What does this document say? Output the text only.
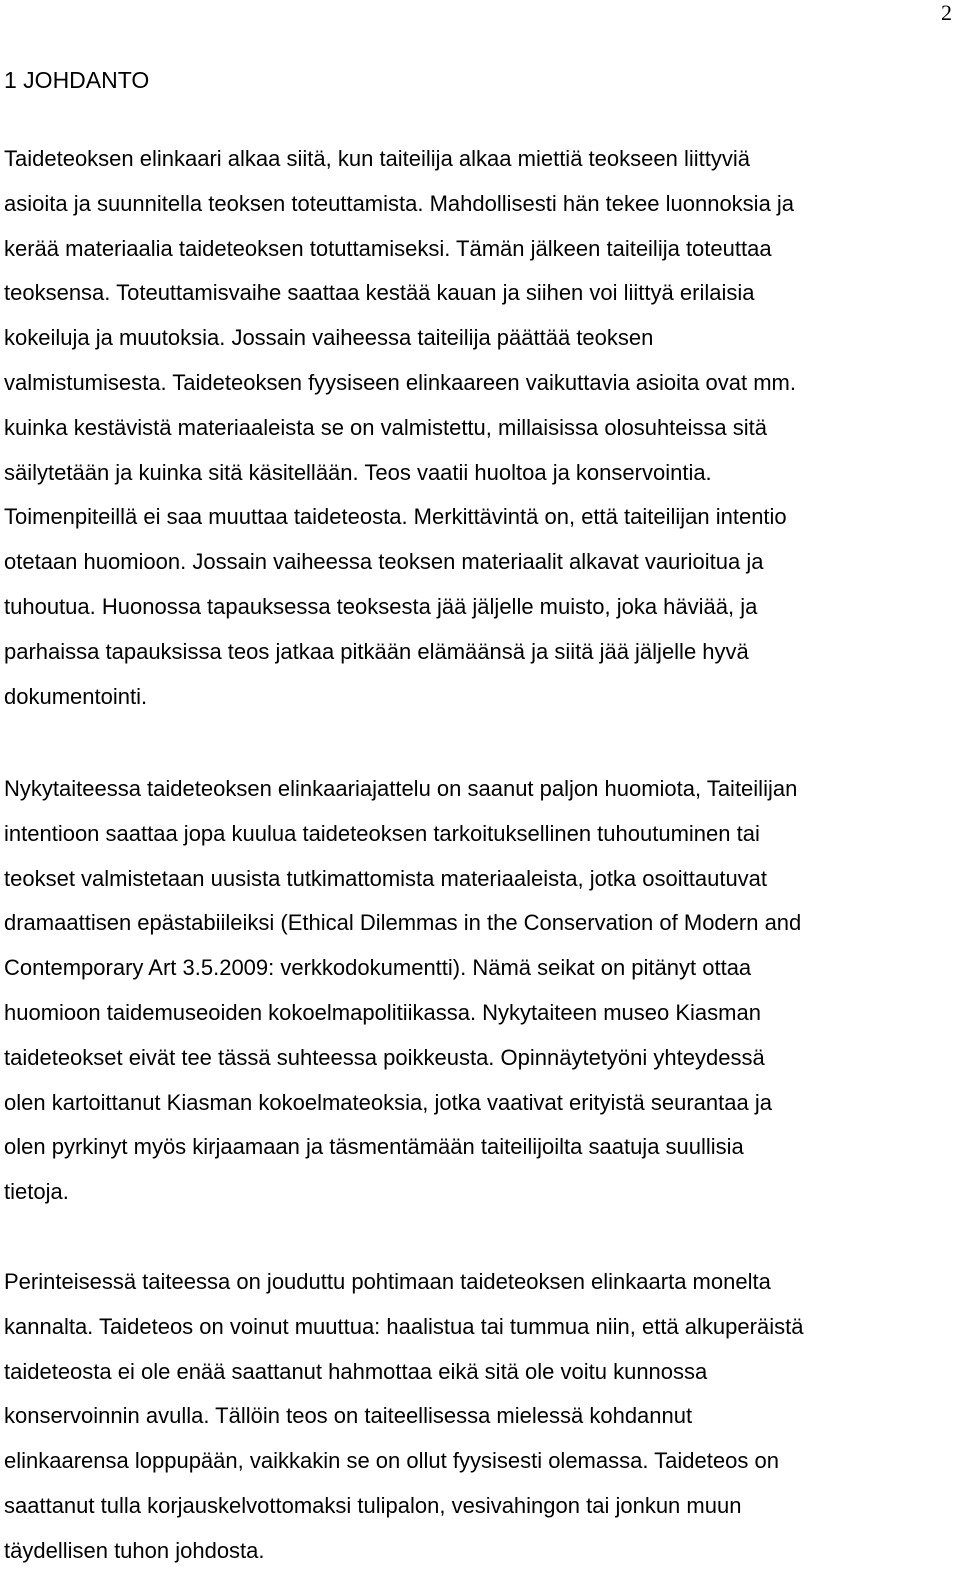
2
1 JOHDANTO

Taideteoksen elinkaari alkaa siitä, kun taiteilija alkaa miettiä teokseen liittyviä
asioita ja suunnitella teoksen toteuttamista. Mahdollisesti hän tekee luonnoksia ja
kerää materiaalia taideteoksen totuttamiseksi. Tämän jälkeen taiteilija toteuttaa
teoksensa. Toteuttamisvaihe saattaa kestää kauan ja siihen voi liittyä erilaisia
kokeiluja ja muutoksia. Jossain vaiheessa taiteilija päättää teoksen
valmistumisesta. Taideteoksen fyysiseen elinkaareen vaikuttavia asioita ovat mm.
kuinka kestävistä materiaaleista se on valmistettu, millaisissa olosuhteissa sitä
säilytetään ja kuinka sitä käsitellään. Teos vaatii huoltoa ja konservointia.
Toimenpiteillä ei saa muuttaa taideteosta. Merkittävintä on, että taiteilijan intentio
otetaan huomioon. Jossain vaiheessa teoksen materiaalit alkavat vaurioitua ja
tuhoutua. Huonossa tapauksessa teoksesta jää jäljelle muisto, joka häviää, ja
parhaissa tapauksissa teos jatkaa pitkään elämäänsä ja siitä jää jäljelle hyvä
dokumentointi.

Nykytaiteessa taideteoksen elinkaariajattelu on saanut paljon huomiota, Taiteilijan
intentioon saattaa jopa kuulua taideteoksen tarkoituksellinen tuhoutuminen tai
teokset valmistetaan uusista tutkimattomista materiaaleista, jotka osoittautuvat
dramaattisen epästabiileiksi (Ethical Dilemmas in the Conservation of Modern and
Contemporary Art 3.5.2009: verkkodokumentti). Nämä seikat on pitänyt ottaa
huomioon taidemuseoiden kokoelmapolitiikassa. Nykytaiteen museo Kiasman
taideteokset eivät tee tässä suhteessa poikkeusta. Opinnäytetyöni yhteydessä
olen kartoittanut Kiasman kokoelmateoksia, jotka vaativat erityistä seurantaa ja
olen pyrkinyt myös kirjaamaan ja täsmentämään taiteilijoilta saatuja suullisia
tietoja.

Perinteisessä taiteessa on jouduttu pohtimaan taideteoksen elinkaarta monelta
kannalta. Taideteos on voinut muuttua: haalistua tai tummua niin, että alkuperäistä
taideteosta ei ole enää saattanut hahmottaa eikä sitä ole voitu kunnossa
konservoinnin avulla. Tällöin teos on taiteellisessa mielessä kohdannut
elinkaarensa loppupään, vaikkakin se on ollut fyysisesti olemassa. Taideteos on
saattanut tulla korjauskelvottomaksi tulipalon, vesivahingon tai jonkun muun
täydellisen tuhon johdosta.
